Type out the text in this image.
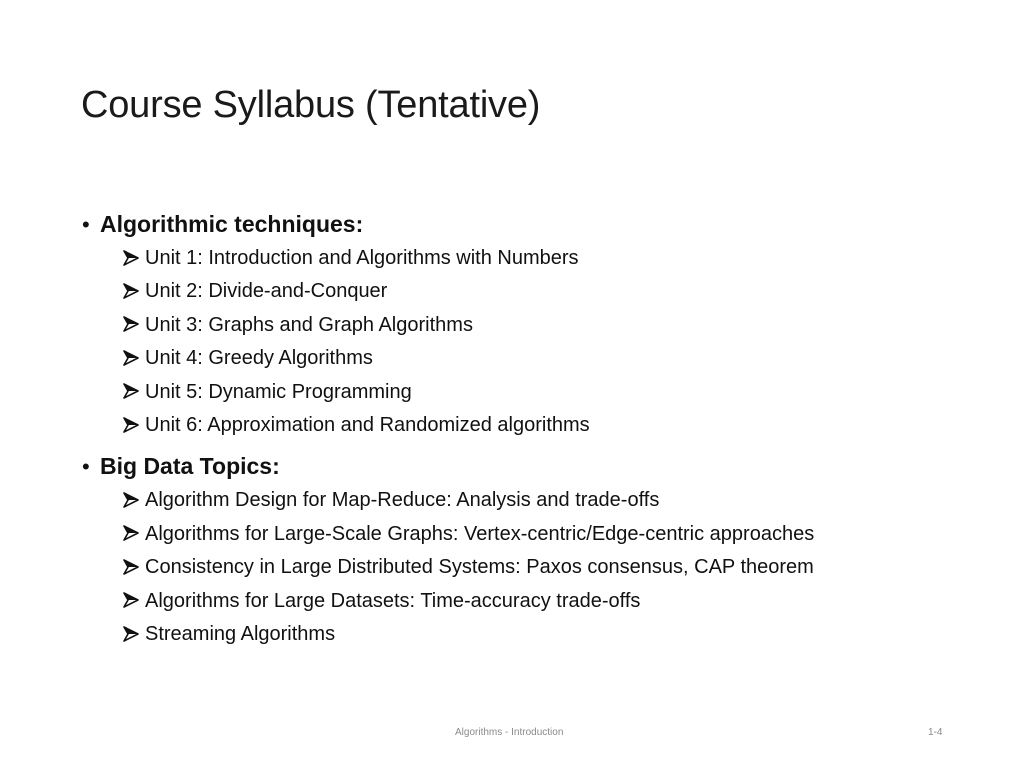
Course Syllabus (Tentative)
• Algorithmic techniques:
Unit 1: Introduction and Algorithms with Numbers
Unit 2: Divide-and-Conquer
Unit 3: Graphs and Graph Algorithms
Unit 4: Greedy Algorithms
Unit 5: Dynamic Programming
Unit 6: Approximation and Randomized algorithms
• Big Data Topics:
Algorithm Design for Map-Reduce: Analysis and trade-offs
Algorithms for Large-Scale Graphs: Vertex-centric/Edge-centric approaches
Consistency in Large Distributed Systems: Paxos consensus, CAP theorem
Algorithms for Large Datasets: Time-accuracy trade-offs
Streaming Algorithms
Algorithms - Introduction	1-4
